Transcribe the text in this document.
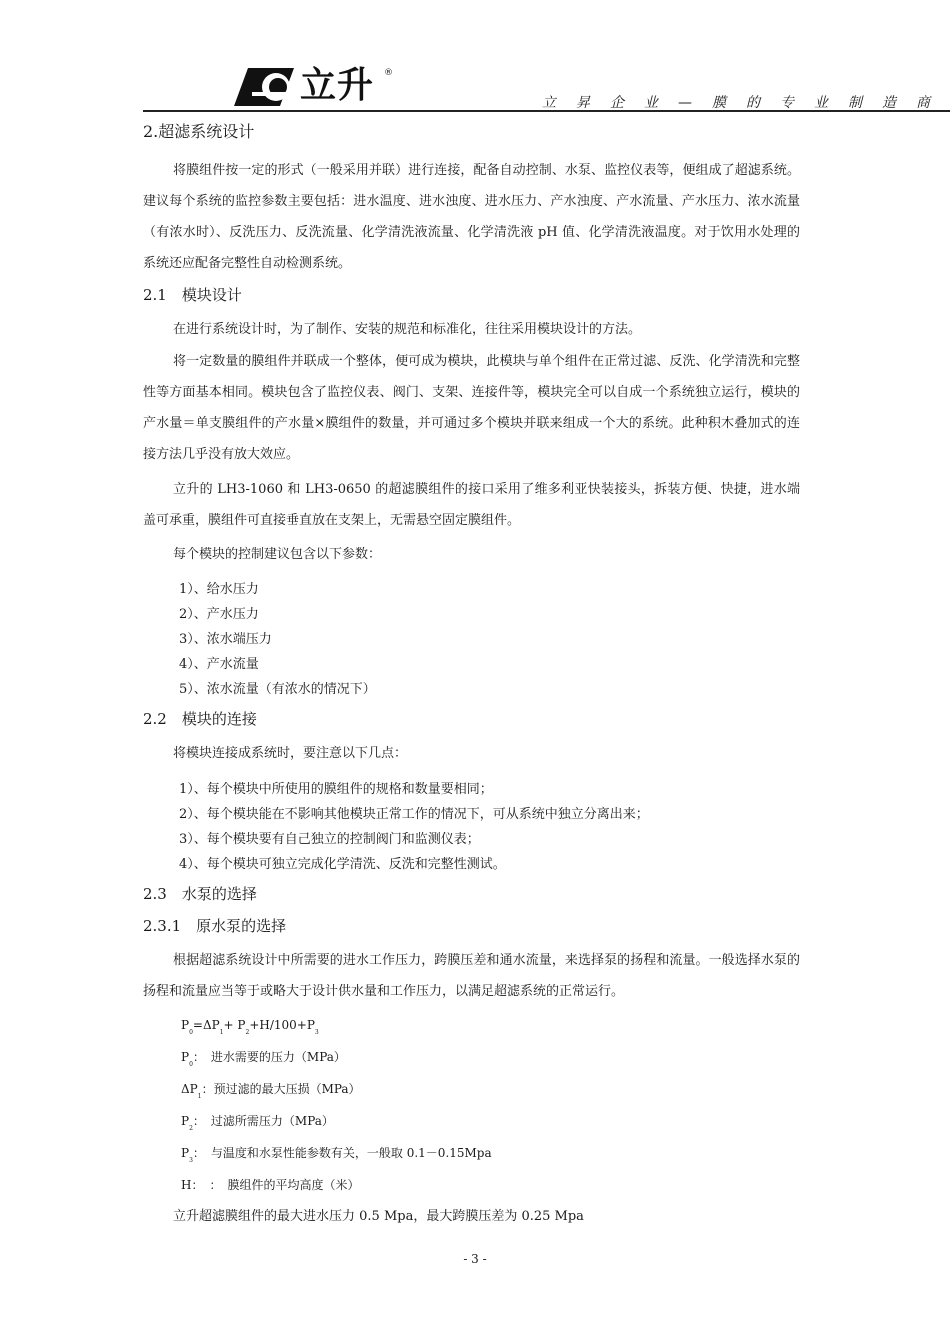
立升 ®
立昇企业—膜的专业制造商
2.超滤系统设计
将膜组件按一定的形式（一般采用并联）进行连接，配备自动控制、水泵、监控仪表等，便组成了超滤系统。建议每个系统的监控参数主要包括：进水温度、进水浊度、进水压力、产水浊度、产水流量、产水压力、浓水流量（有浓水时）、反洗压力、反洗流量、化学清洗液流量、化学清洗液 pH 值、化学清洗液温度。对于饮用水处理的系统还应配备完整性自动检测系统。
2.1　模块设计
在进行系统设计时，为了制作、安装的规范和标准化，往往采用模块设计的方法。
将一定数量的膜组件并联成一个整体，便可成为模块，此模块与单个组件在正常过滤、反洗、化学清洗和完整性等方面基本相同。模块包含了监控仪表、阀门、支架、连接件等，模块完全可以自成一个系统独立运行，模块的产水量＝单支膜组件的产水量×膜组件的数量，并可通过多个模块并联来组成一个大的系统。此种积木叠加式的连接方法几乎没有放大效应。
立升的 LH3-1060 和 LH3-0650 的超滤膜组件的接口采用了维多利亚快装接头，拆装方便、快捷，进水端盖可承重，膜组件可直接垂直放在支架上，无需悬空固定膜组件。
每个模块的控制建议包含以下参数：
1）、给水压力
2）、产水压力
3）、浓水端压力
4）、产水流量
5）、浓水流量（有浓水的情况下）
2.2　模块的连接
将模块连接成系统时，要注意以下几点：
1）、每个模块中所使用的膜组件的规格和数量要相同；
2）、每个模块能在不影响其他模块正常工作的情况下，可从系统中独立分离出来；
3）、每个模块要有自己独立的控制阀门和监测仪表；
4）、每个模块可独立完成化学清洗、反洗和完整性测试。
2.3　水泵的选择
2.3.1　原水泵的选择
根据超滤系统设计中所需要的进水工作压力，跨膜压差和通水流量，来选择泵的扬程和流量。一般选择水泵的扬程和流量应当等于或略大于设计供水量和工作压力，以满足超滤系统的正常运行。
$P_0=\Delta P_1+ P_2+H/100+P_3$
$P_0$：　进水需要的压力（MPa）
$\Delta P_1$：预过滤的最大压损（MPa）
$P_2$：　过滤所需压力（MPa）
$P_3$：　与温度和水泵性能参数有关，一般取 0.1－0.15Mpa
H：　：　膜组件的平均高度（米）
立升超滤膜组件的最大进水压力 0.5 Mpa，最大跨膜压差为 0.25 Mpa
- 3 -
